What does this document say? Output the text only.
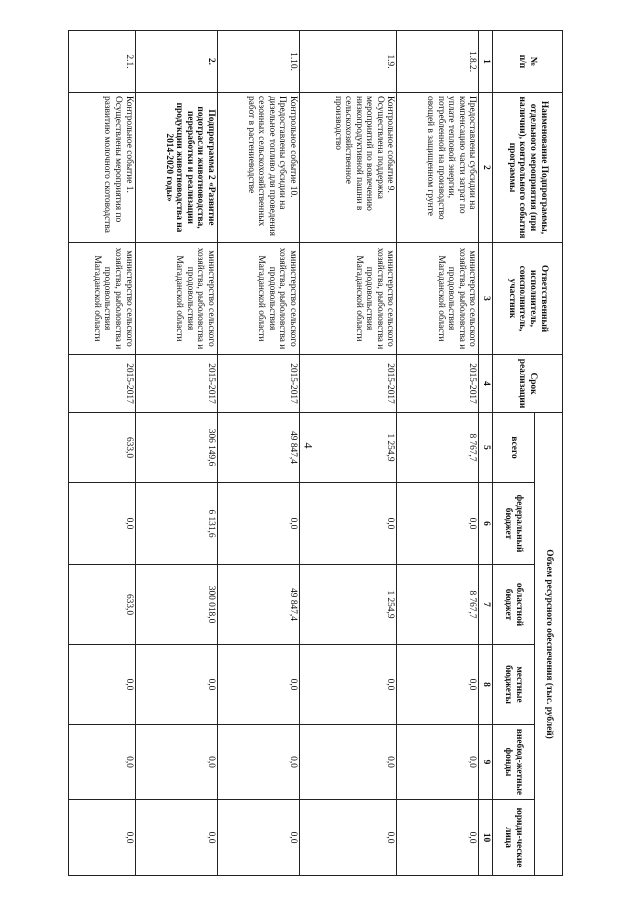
4
№
п/п	Наименование Подпрограммы, отдельного мероприятия (при наличии), контрольного события программы	Ответственный исполнитель, соисполнитель, участник	Срок реализации	Объем ресурсного обеспечения (тыс. рублей)					
				всего	федеральный бюджет	областной бюджет	местные бюджеты	внебюд-жетные фонды	юриди-ческие лица
1	2	3	4	5	6	7	8	9	10
1.8.2.	Предоставлены субсидии на компенсацию части затрат по уплате тепловой энергии, потребленной на производство овощей в защищенном грунте	министерство сельского хозяйства, рыболовства и продовольствия Магаданской области	2015-2017	8 767,7	0,0	8 767,7	0,0	0,0	0,0
1.9.	Контрольное событие 9. Осуществлена поддержка мероприятий по вовлечению низкопродуктивной пашни в сельскохозяйственное производство	министерство сельского хозяйства, рыболовства и продовольствия Магаданской области	2015-2017	1 254,9	0,0	1 254,9	0,0	0,0	0,0
1.10.	Контрольное событие 10. Предоставлены субсидии на дизельное топливо для проведения сезонных сельскохозяйственных работ в растениеводстве	министерство сельского хозяйства, рыболовства и продовольствия Магаданской области	2015-2017	49 847,4	0,0	49 847,4	0,0	0,0	0,0
2.	Подпрограмма 2 «Развитие подотрасли животноводства, переработки и реализации продукции животноводства на 2014-2020 годы»	министерство сельского хозяйства, рыболовства и продовольствия Магаданской области	2015-2017	306 149,6	6 131,6	300 018,0	0,0	0,0	0,0
2.1.	Контрольное событие 1. Осуществлены мероприятия по развитию молочного скотоводства	министерство сельского хозяйства, рыболовства и продовольствия Магаданской области	2015-2017	633,0	0,0	633,0	0,0	0,0	0,0
